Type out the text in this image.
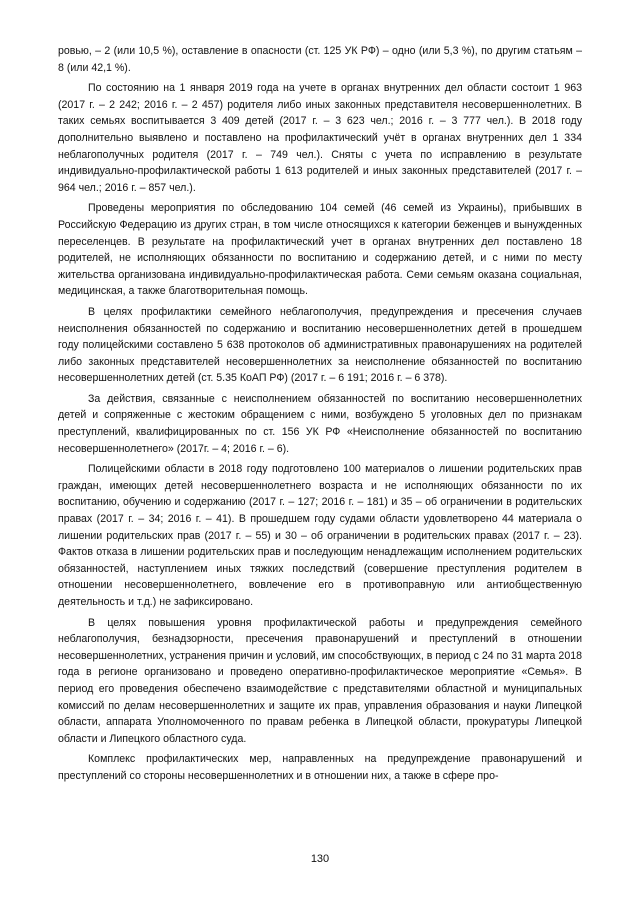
ровью, – 2 (или 10,5 %), оставление в опасности (ст. 125 УК РФ) – одно (или 5,3 %), по другим статьям – 8 (или 42,1 %).

По состоянию на 1 января 2019 года на учете в органах внутренних дел области состоит 1 963 (2017 г. – 2 242; 2016 г. – 2 457) родителя либо иных законных представителя несовершеннолетних. В таких семьях воспитывается 3 409 детей (2017 г. – 3 623 чел.; 2016 г. – 3 777 чел.). В 2018 году дополнительно выявлено и поставлено на профилактический учёт в органах внутренних дел 1 334 неблагополучных родителя (2017 г. – 749 чел.). Сняты с учета по исправлению в результате индивидуально-профилактической работы 1 613 родителей и иных законных представителей (2017 г. – 964 чел.; 2016 г. – 857 чел.).

Проведены мероприятия по обследованию 104 семей (46 семей из Украины), прибывших в Российскую Федерацию из других стран, в том числе относящихся к категории беженцев и вынужденных переселенцев. В результате на профилактический учет в органах внутренних дел поставлено 18 родителей, не исполняющих обязанности по воспитанию и содержанию детей, и с ними по месту жительства организована индивидуально-профилактическая работа. Семи семьям оказана социальная, медицинская, а также благотворительная помощь.

В целях профилактики семейного неблагополучия, предупреждения и пресечения случаев неисполнения обязанностей по содержанию и воспитанию несовершеннолетних детей в прошедшем году полицейскими составлено 5 638 протоколов об административных правонарушениях на родителей либо законных представителей несовершеннолетних за неисполнение обязанностей по воспитанию несовершеннолетних детей (ст. 5.35 КоАП РФ) (2017 г. – 6 191; 2016 г. – 6 378).

За действия, связанные с неисполнением обязанностей по воспитанию несовершеннолетних детей и сопряженные с жестоким обращением с ними, возбуждено 5 уголовных дел по признакам преступлений, квалифицированных по ст. 156 УК РФ «Неисполнение обязанностей по воспитанию несовершеннолетнего» (2017г. – 4; 2016 г. – 6).

Полицейскими области в 2018 году подготовлено 100 материалов о лишении родительских прав граждан, имеющих детей несовершеннолетнего возраста и не исполняющих обязанности по их воспитанию, обучению и содержанию (2017 г. – 127; 2016 г. – 181) и 35 – об ограничении в родительских правах (2017 г. – 34; 2016 г. – 41). В прошедшем году судами области удовлетворено 44 материала о лишении родительских прав (2017 г. – 55) и 30 – об ограничении в родительских правах (2017 г. – 23). Фактов отказа в лишении родительских прав и последующим ненадлежащим исполнением родительских обязанностей, наступлением иных тяжких последствий (совершение преступления родителем в отношении несовершеннолетнего, вовлечение его в противоправную или антиобщественную деятельность и т.д.) не зафиксировано.

В целях повышения уровня профилактической работы и предупреждения семейного неблагополучия, безнадзорности, пресечения правонарушений и преступлений в отношении несовершеннолетних, устранения причин и условий, им способствующих, в период с 24 по 31 марта 2018 года в регионе организовано и проведено оперативно-профилактическое мероприятие «Семья». В период его проведения обеспечено взаимодействие с представителями областной и муниципальных комиссий по делам несовершеннолетних и защите их прав, управления образования и науки Липецкой области, аппарата Уполномоченного по правам ребенка в Липецкой области, прокуратуры Липецкой области и Липецкого областного суда.

Комплекс профилактических мер, направленных на предупреждение правонарушений и преступлений со стороны несовершеннолетних и в отношении них, а также в сфере про-

130
